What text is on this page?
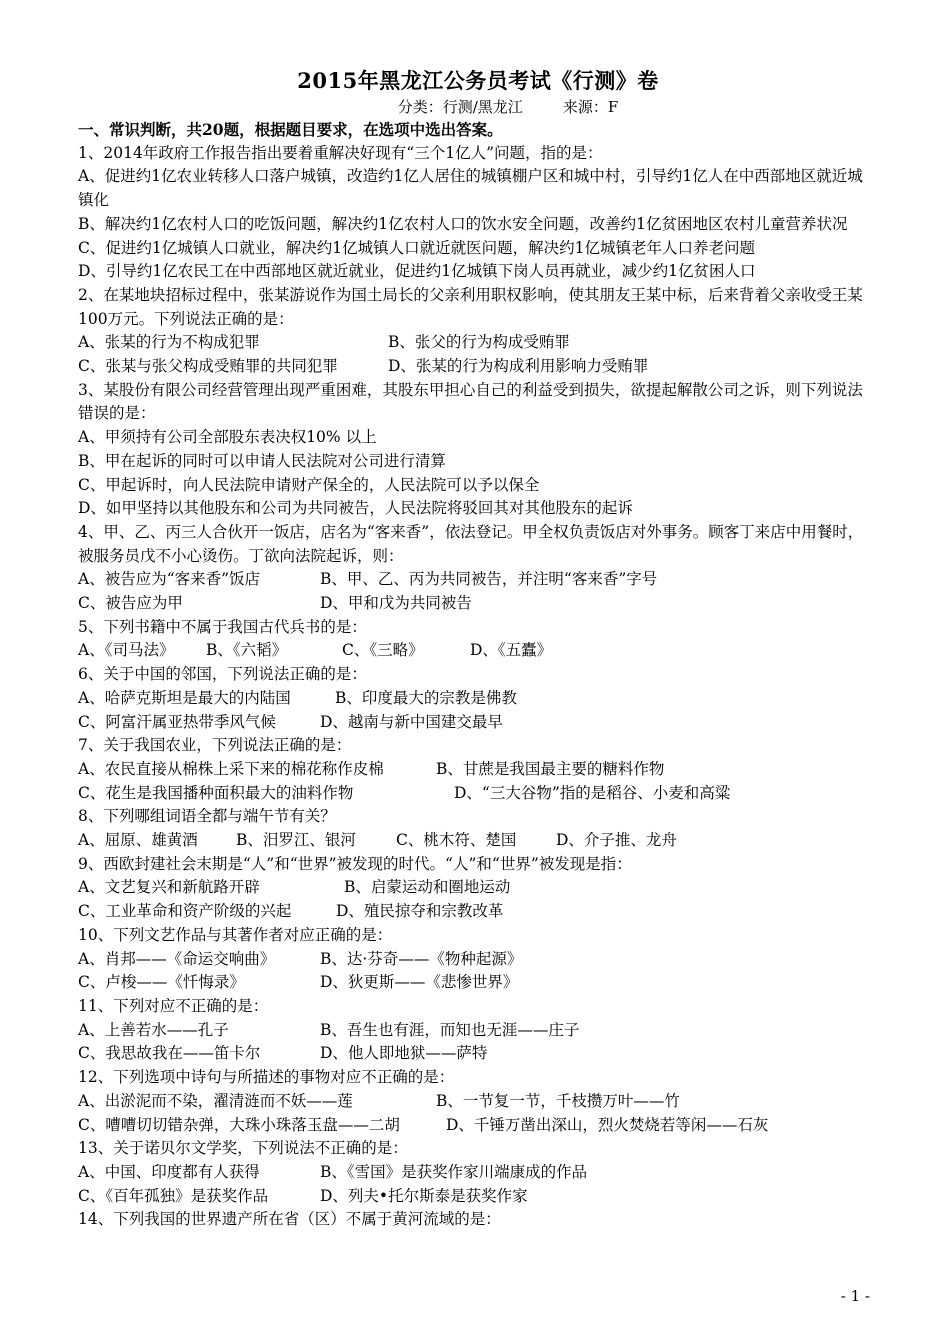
2015年黑龙江公务员考试《行测》卷
分类：行测/黑龙江	来源：F
一、常识判断，共20题，根据题目要求，在选项中选出答案。
1、2014年政府工作报告指出要着重解决好现有“三个1亿人”问题，指的是：
A、促进约1亿农业转移人口落户城镇，改造约1亿人居住的城镇棚户区和城中村，引导约1亿人在中西部地区就近城镇化
B、解决约1亿农村人口的吃饭问题，解决约1亿农村人口的饮水安全问题，改善约1亿贫困地区农村儿童营养状况
C、促进约1亿城镇人口就业，解决约1亿城镇人口就近就医问题，解决约1亿城镇老年人口养老问题
D、引导约1亿农民工在中西部地区就近就业，促进约1亿城镇下岗人员再就业，减少约1亿贫困人口
2、在某地块招标过程中，张某游说作为国土局长的父亲利用职权影响，使其朋友王某中标，后来背着父亲收受王某100万元。下列说法正确的是：
A、张某的行为不构成犯罪	B、张父的行为构成受贿罪
C、张某与张父构成受贿罪的共同犯罪	D、张某的行为构成利用影响力受贿罪
3、某股份有限公司经营管理出现严重困难，其股东甲担心自己的利益受到损失，欲提起解散公司之诉，则下列说法错误的是：
A、甲须持有公司全部股东表决权10% 以上
B、甲在起诉的同时可以申请人民法院对公司进行清算
C、甲起诉时，向人民法院申请财产保全的，人民法院可以予以保全
D、如甲坚持以其他股东和公司为共同被告，人民法院将驳回其对其他股东的起诉
4、甲、乙、丙三人合伙开一饭店，店名为“客来香”，依法登记。甲全权负责饭店对外事务。顾客丁来店中用餐时，被服务员戊不小心烫伤。丁欲向法院起诉，则：
A、被告应为“客来香”饭店	B、甲、乙、丙为共同被告，并注明“客来香”字号
C、被告应为甲	D、甲和戊为共同被告
5、下列书籍中不属于我国古代兵书的是：
A、《司马法》 B、《六韬》	C、《三略》	D、《五蠹》
6、关于中国的邻国，下列说法正确的是：
A、哈萨克斯坦是最大的内陆国	B、印度最大的宗教是佛教
C、阿富汗属亚热带季风气候	D、越南与新中国建交最早
7、关于我国农业，下列说法正确的是：
A、农民直接从棉株上采下来的棉花称作皮棉	B、甘蔗是我国最主要的糖料作物
C、花生是我国播种面积最大的油料作物	D、“三大谷物”指的是稻谷、小麦和高粱
8、下列哪组词语全都与端午节有关？
A、屈原、雄黄酒 B、汨罗江、银河	C、桃木符、楚国	D、介子推、龙舟
9、西欧封建社会末期是“人”和“世界”被发现的时代。“人”和“世界”被发现是指：
A、文艺复兴和新航路开辟	B、启蒙运动和圈地运动
C、工业革命和资产阶级的兴起	D、殖民掠夺和宗教改革
10、下列文艺作品与其著作者对应正确的是：
A、肖邦——《命运交响曲》	B、达·芬奇——《物种起源》
C、卢梭——《忏悔录》	D、狄更斯——《悲惨世界》
11、下列对应不正确的是：
A、上善若水——孔子	B、吾生也有涯，而知也无涯——庄子
C、我思故我在——笛卡尔	D、他人即地狱——萨特
12、下列选项中诗句与所描述的事物对应不正确的是：
A、出淤泥而不染，濯清涟而不妖——莲	B、一节复一节，千枝攒万叶——竹
C、嘈嘈切切错杂弹，大珠小珠落玉盘——二胡	D、千锤万凿出深山，烈火焚烧若等闲——石灰
13、关于诺贝尔文学奖，下列说法不正确的是：
A、中国、印度都有人获得	B、《雪国》是获奖作家川端康成的作品
C、《百年孤独》是获奖作品	D、列夫•托尔斯泰是获奖作家
14、下列我国的世界遗产所在省（区）不属于黄河流域的是：
- 1 -
